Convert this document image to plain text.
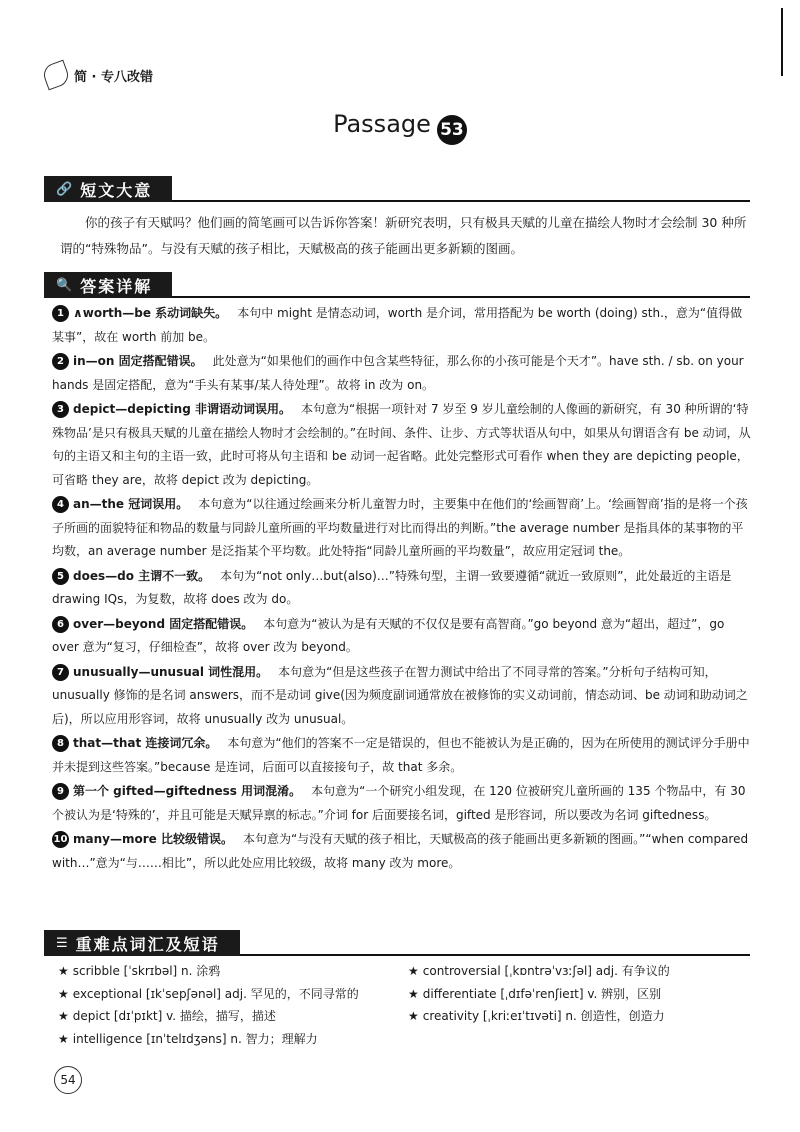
简 · 专八改错
Passage 53
🔗 短文大意

你的孩子有天赋吗？他们画的简笔画可以告诉你答案！新研究表明，只有极具天赋的儿童在描绘人物时才会绘制 30 种所谓的“特殊物品”。与没有天赋的孩子相比，天赋极高的孩子能画出更多新颖的图画。

🔍 答案详解
1 ∧worth—be 系动词缺失。 本句中 might 是情态动词，worth 是介词，常用搭配为 be worth (doing) sth.，意为“值得做某事”，故在 worth 前加 be。
2 in—on 固定搭配错误。 此处意为“如果他们的画作中包含某些特征，那么你的小孩可能是个天才”。have sth. / sb. on your hands 是固定搭配，意为“手头有某事/某人待处理”。故将 in 改为 on。
3 depict—depicting 非谓语动词误用。 本句意为“根据一项针对 7 岁至 9 岁儿童绘制的人像画的新研究，有 30 种所谓的‘特殊物品’是只有极具天赋的儿童在描绘人物时才会绘制的。”在时间、条件、让步、方式等状语从句中，如果从句谓语含有 be 动词，从句的主语又和主句的主语一致，此时可将从句主语和 be 动词一起省略。此处完整形式可看作 when they are depicting people，可省略 they are，故将 depict 改为 depicting。
4 an—the 冠词误用。 本句意为“以往通过绘画来分析儿童智力时，主要集中在他们的‘绘画智商’上。‘绘画智商’指的是将一个孩子所画的面貌特征和物品的数量与同龄儿童所画的平均数量进行对比而得出的判断。”the average number 是指具体的某事物的平均数，an average number 是泛指某个平均数。此处特指“同龄儿童所画的平均数量”，故应用定冠词 the。
5 does—do 主谓不一致。 本句为“not only…but(also)…”特殊句型，主谓一致要遵循“就近一致原则”，此处最近的主语是 drawing IQs，为复数，故将 does 改为 do。
6 over—beyond 固定搭配错误。 本句意为“被认为是有天赋的不仅仅是要有高智商。”go beyond 意为“超出，超过”，go over 意为“复习，仔细检查”，故将 over 改为 beyond。
7 unusually—unusual 词性混用。 本句意为“但是这些孩子在智力测试中给出了不同寻常的答案。”分析句子结构可知，unusually 修饰的是名词 answers，而不是动词 give(因为频度副词通常放在被修饰的实义动词前，情态动词、be 动词和助动词之后)，所以应用形容词，故将 unusually 改为 unusual。
8 that—that 连接词冗余。 本句意为“他们的答案不一定是错误的，但也不能被认为是正确的，因为在所使用的测试评分手册中并未提到这些答案。”because 是连词，后面可以直接接句子，故 that 多余。
9 第一个 gifted—giftedness 用词混淆。 本句意为“一个研究小组发现，在 120 位被研究儿童所画的 135 个物品中，有 30 个被认为是‘特殊的’，并且可能是天赋异禀的标志。”介词 for 后面要接名词，gifted 是形容词，所以要改为名词 giftedness。
10 many—more 比较级错误。 本句意为“与没有天赋的孩子相比，天赋极高的孩子能画出更多新颖的图画。”“when compared with…”意为“与……相比”，所以此处应用比较级，故将 many 改为 more。
☰ 重难点词汇及短语
★ scribble [ˈskrɪbəl] n. 涂鸦	★ controversial [ˌkɒntrəˈvɜːʃəl] adj. 有争议的
★ exceptional [ɪkˈsepʃənəl] adj. 罕见的，不同寻常的	★ differentiate [ˌdɪfəˈrenʃieɪt] v. 辨别，区别
★ depict [dɪˈpɪkt] v. 描绘，描写，描述	★ creativity [ˌkriːeɪˈtɪvəti] n. 创造性，创造力
★ intelligence [ɪnˈtelɪdʒəns] n. 智力；理解力
54
